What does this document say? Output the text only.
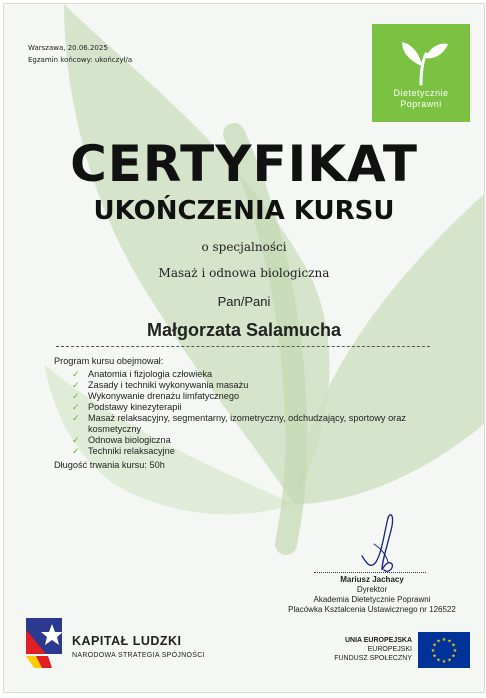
Warszawa, 20.06.2025
Egzamin końcowy: ukończył/a
Dietetycznie
Poprawni
CERTYFIKAT
UKOŃCZENIA KURSU
o specjalności
Masaż i odnowa biologiczna
Pan/Pani
Małgorzata Salamucha
Program kursu obejmował:
✓ Anatomia i fizjologia człowieka
✓ Zasady i techniki wykonywania masażu
✓ Wykonywanie drenażu limfatycznego
✓ Podstawy kinezyterapii
✓ Masaż relaksacyjny, segmentarny, izometryczny, odchudzający, sportowy oraz kosmetyczny
✓ Odnowa biologiczna
✓ Techniki relaksacyjne
Długość trwania kursu: 50h
Mariusz Jachacy
Dyrektor
Akademia Dietetycznie Poprawni
Placówka Kształcenia Ustawicznego nr 126522
KAPITAŁ LUDZKI
NARODOWA STRATEGIA SPÓJNOŚCI
UNIA EUROPEJSKA
EUROPEJSKI
FUNDUSZ SPOŁECZNY
★ ★
★
★
★
★
★
★
★
★
★
★
